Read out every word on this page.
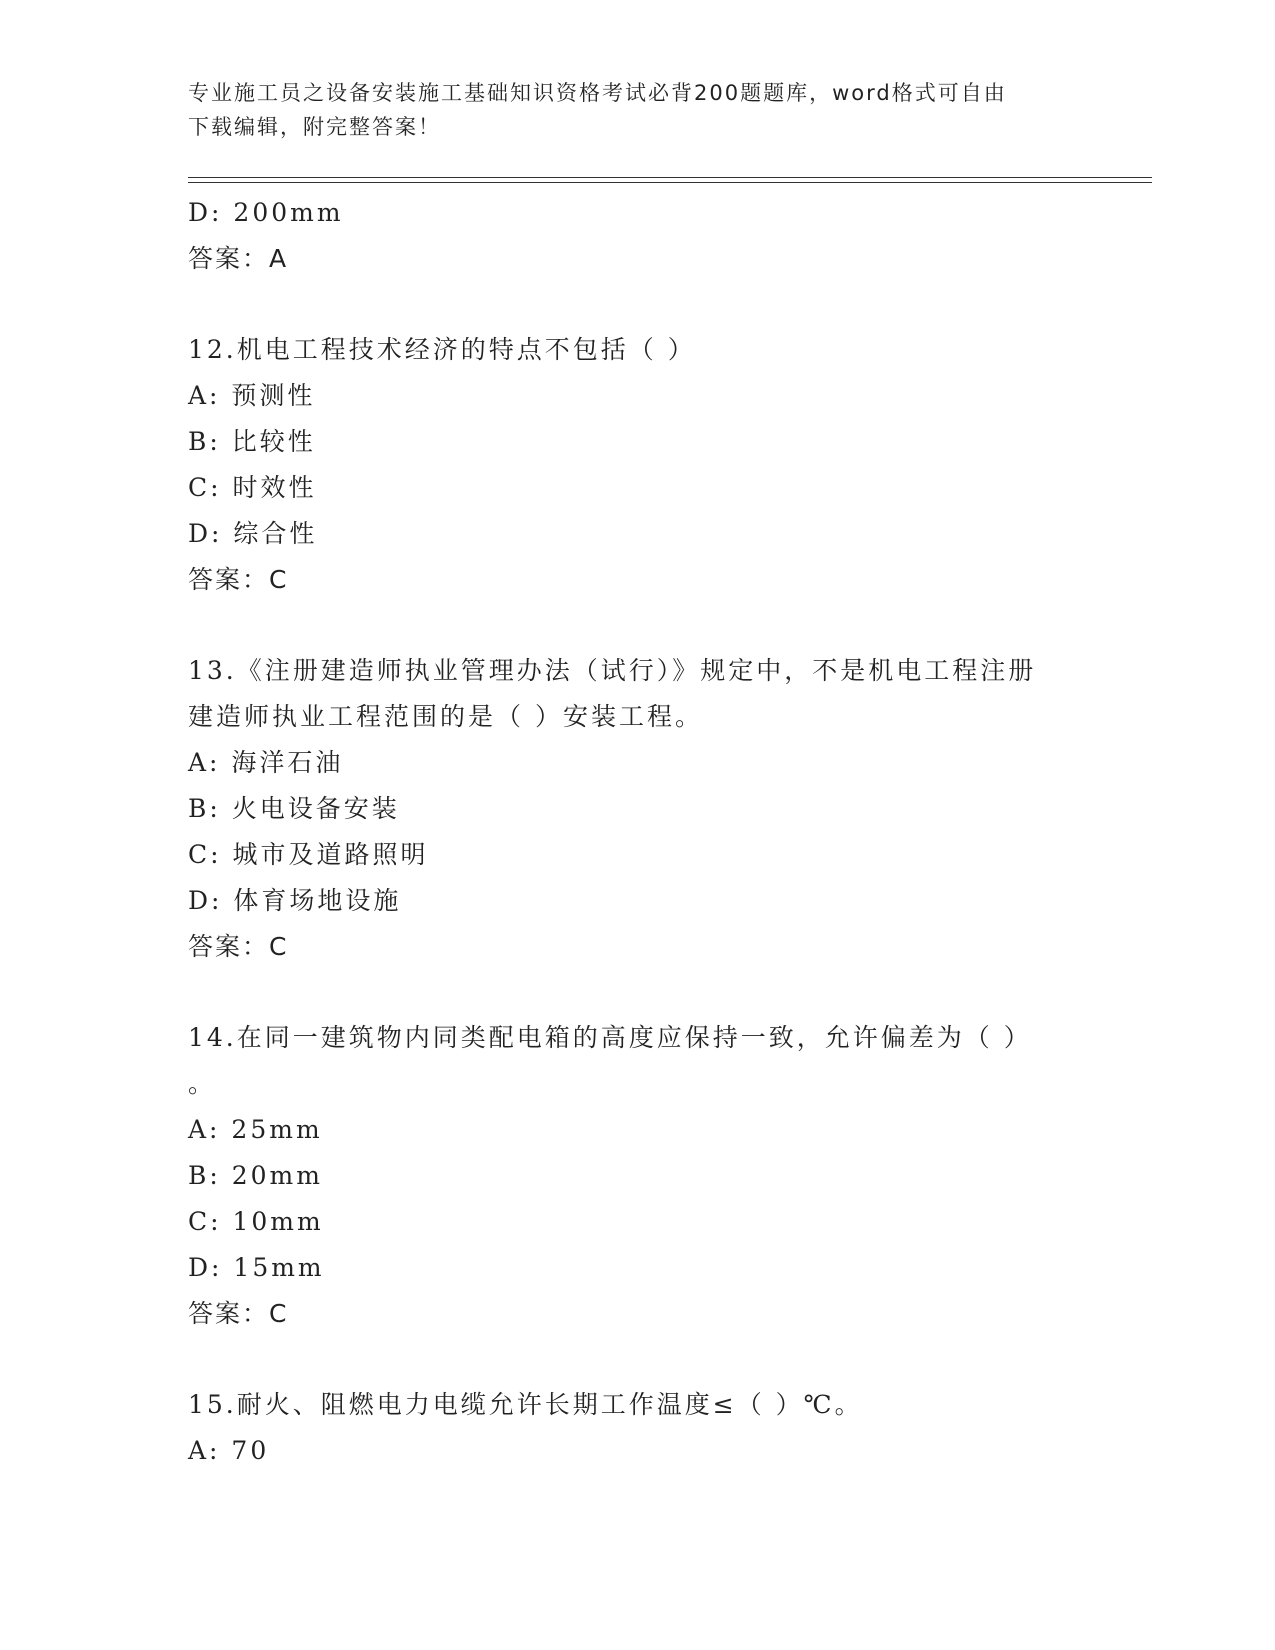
专业施工员之设备安装施工基础知识资格考试必背200题题库，word格式可自由
下载编辑，附完整答案！
D: 200mm
答案：A
12.机电工程技术经济的特点不包括（ ）
A: 预测性
B: 比较性
C: 时效性
D: 综合性
答案：C
13.《注册建造师执业管理办法（试行）》规定中，不是机电工程注册
建造师执业工程范围的是（ ）安装工程。
A: 海洋石油
B: 火电设备安装
C: 城市及道路照明
D: 体育场地设施
答案：C
14.在同一建筑物内同类配电箱的高度应保持一致，允许偏差为（ ）
。
A: 25mm
B: 20mm
C: 10mm
D: 15mm
答案：C
15.耐火、阻燃电力电缆允许长期工作温度≤（ ）℃。
A: 70
